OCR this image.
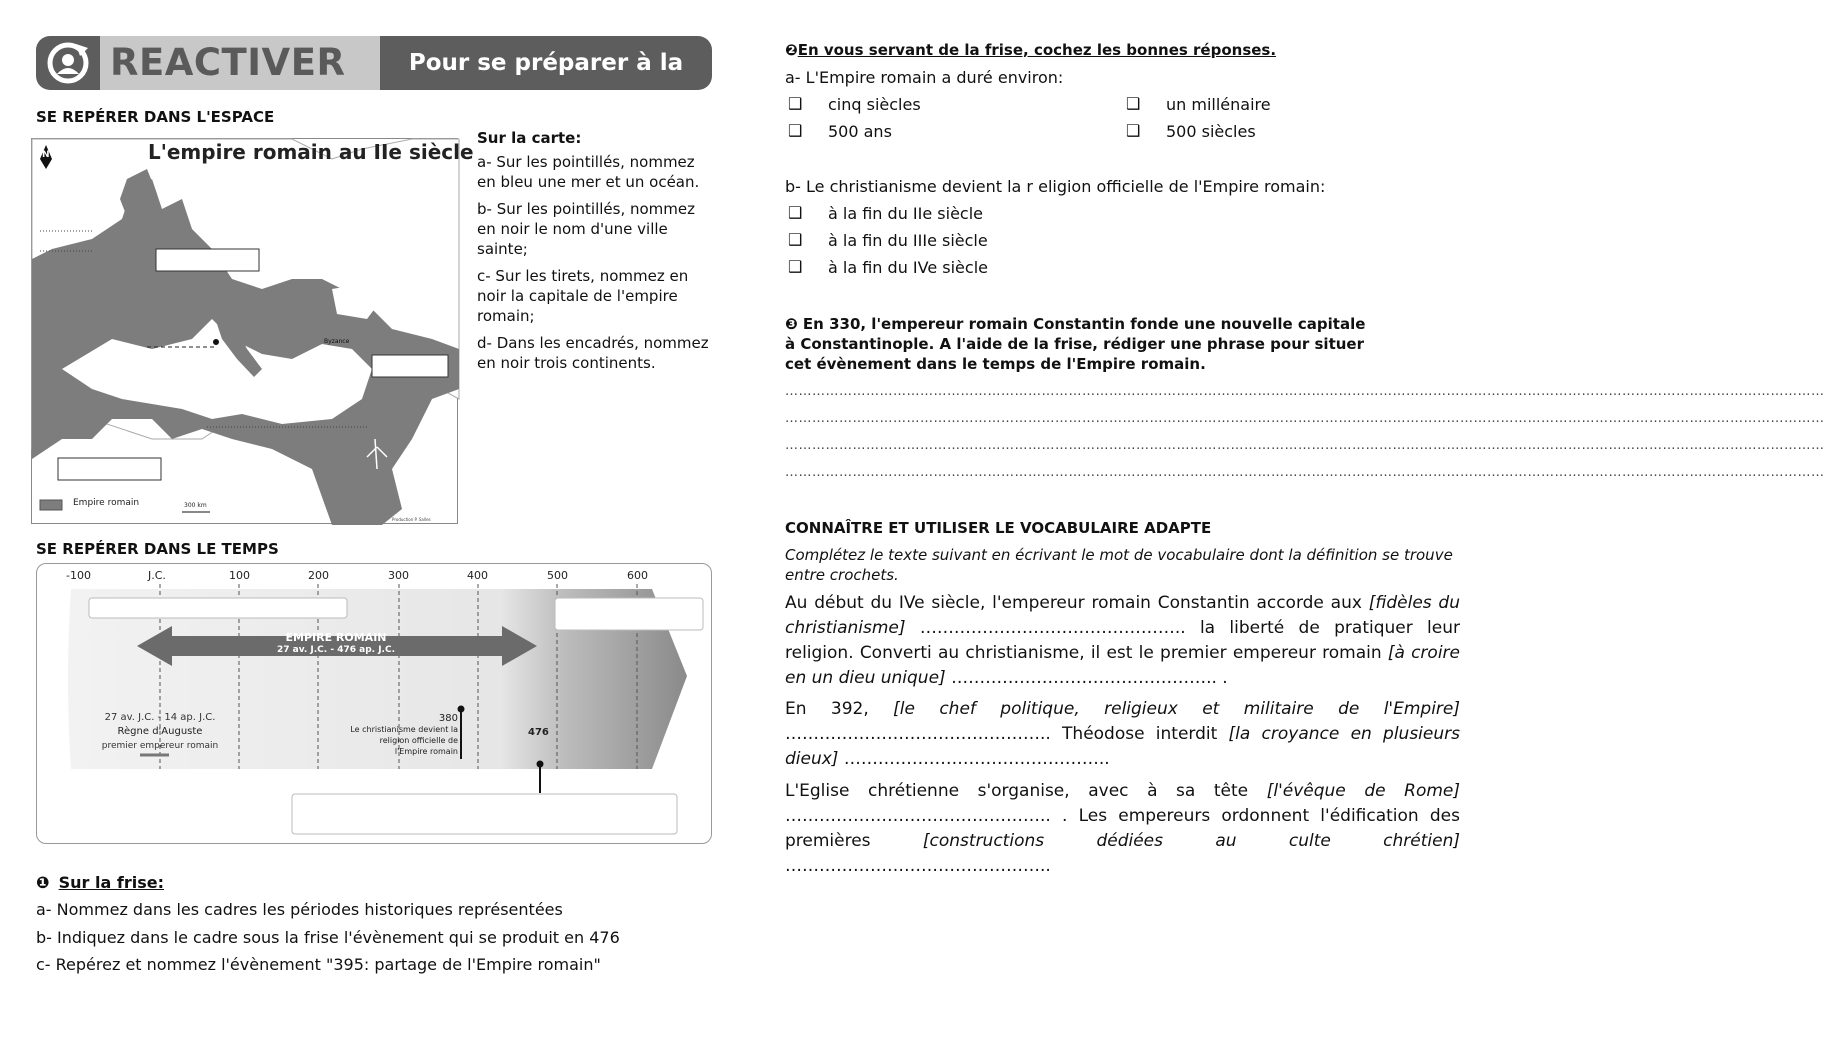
REACTIVER	Pour se préparer à la leçon
SE REPÉRER DANS L'ESPACE
L'empire romain au IIe siècle
N
Byzance
Empire romain	300 km
Production P. Salles
Sur la carte:
a- Sur les pointillés, nommez en bleu une mer et un océan.
b- Sur les pointillés, nommez en noir le nom d'une ville sainte;
c- Sur les tirets, nommez en noir la capitale de l'empire romain;
d- Dans les encadrés, nommez en noir trois continents.
SE REPÉRER DANS LE TEMPS
-100	J.C.	100	200	300	400	500	600
EMPIRE ROMAIN
27 av. J.C. - 476 ap. J.C.
27 av. J.C. - 14 ap. J.C.
Règne d'Auguste
premier empereur romain
380
Le christianisme devient la
religion officielle de
l'Empire romain
476
❶ Sur la frise:
a- Nommez dans les cadres les périodes historiques représentées
b- Indiquez dans le cadre sous la frise l'évènement qui se produit en 476
c- Repérez et nommez l'évènement "395: partage de l'Empire romain"
❷En vous servant de la frise, cochez les bonnes réponses.
a- L'Empire romain a duré environ:
❑ cinq siècles	❑ un millénaire
❑ 500 ans	❑ 500 siècles
b- Le christianisme devient la r eligion officielle de l'Empire romain:
❑ à la fin du IIe siècle
❑ à la fin du IIIe siècle
❑ à la fin du IVe siècle
❸ En 330, l'empereur romain Constantin fonde une nouvelle capitale à Constantinople. A l'aide de la frise, rédiger une phrase pour situer cet évènement dans le temps de l'Empire romain.
……………………………………………………………………………………………………………………………………………………………………………………………………………
……………………………………………………………………………………………………………………………………………………………………………………………………………
……………………………………………………………………………………………………………………………………………………………………………………………………………
……………………………………………………………………………………………………………………………………………………………………………………………………………
CONNAÎTRE ET UTILISER LE VOCABULAIRE ADAPTE
Complétez le texte suivant en écrivant le mot de vocabulaire dont la définition se trouve entre crochets.
Au début du IVe siècle, l'empereur romain Constantin accorde aux [fidèles du christianisme] ……………………………………….. la liberté de pratiquer leur religion. Converti au christianisme, il est le premier empereur romain [à croire en un dieu unique] ……………………………………….. .
En 392, [le chef politique, religieux et militaire de l'Empire] ……………………………………….. Théodose interdit [la croyance en plusieurs dieux] ………………………………………..
L'Eglise chrétienne s'organise, avec à sa tête [l'évêque de Rome] ……………………………………….. . Les empereurs ordonnent l'édification des premières [constructions dédiées au culte chrétien] ………………………………………..
